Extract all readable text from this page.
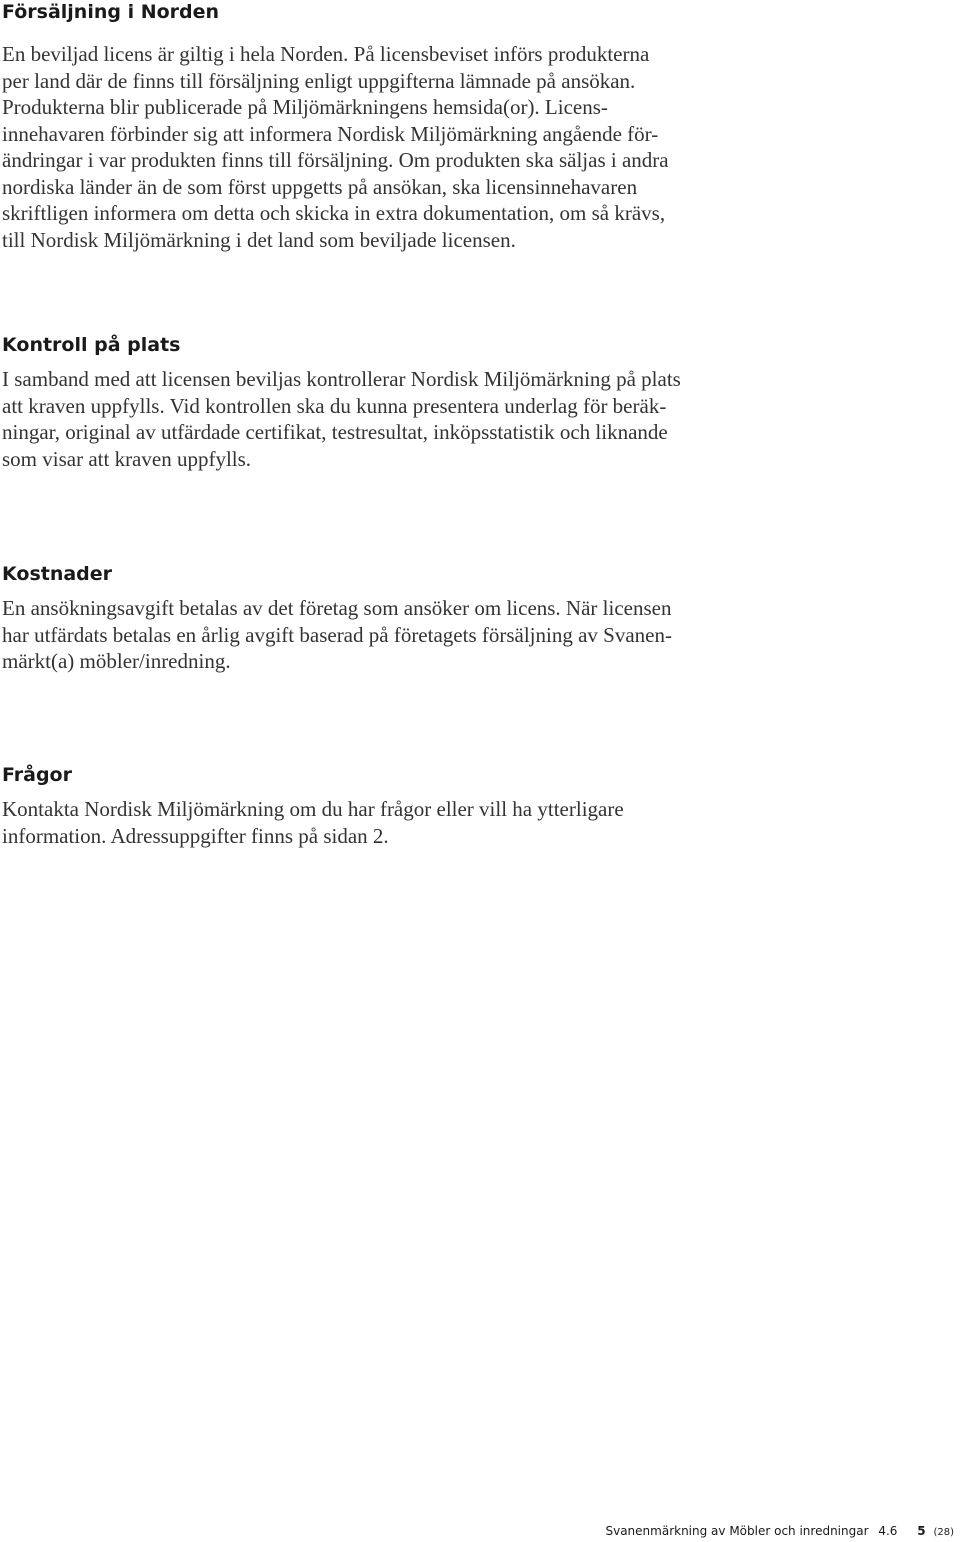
Försäljning i Norden

En beviljad licens är giltig i hela Norden. På licensbeviset införs produkterna
per land där de finns till försäljning enligt uppgifterna lämnade på ansökan.
Produkterna blir publicerade på Miljömärkningens hemsida(or). Licens-
innehavaren förbinder sig att informera Nordisk Miljömärkning angående för-
ändringar i var produkten finns till försäljning. Om produkten ska säljas i andra
nordiska länder än de som först uppgetts på ansökan, ska licensinnehavaren
skriftligen informera om detta och skicka in extra dokumentation, om så krävs,
till Nordisk Miljömärkning i det land som beviljade licensen.

Kontroll på plats

I samband med att licensen beviljas kontrollerar Nordisk Miljömärkning på plats
att kraven uppfylls. Vid kontrollen ska du kunna presentera underlag för beräk-
ningar, original av utfärdade certifikat, testresultat, inköpsstatistik och liknande
som visar att kraven uppfylls.

Kostnader

En ansökningsavgift betalas av det företag som ansöker om licens. När licensen
har utfärdats betalas en årlig avgift baserad på företagets försäljning av Svanen-
märkt(a) möbler/inredning.

Frågor

Kontakta Nordisk Miljömärkning om du har frågor eller vill ha ytterligare
information. Adressuppgifter finns på sidan 2.

Svanenmärkning av Möbler och inredningar 4.6 5 (28)
